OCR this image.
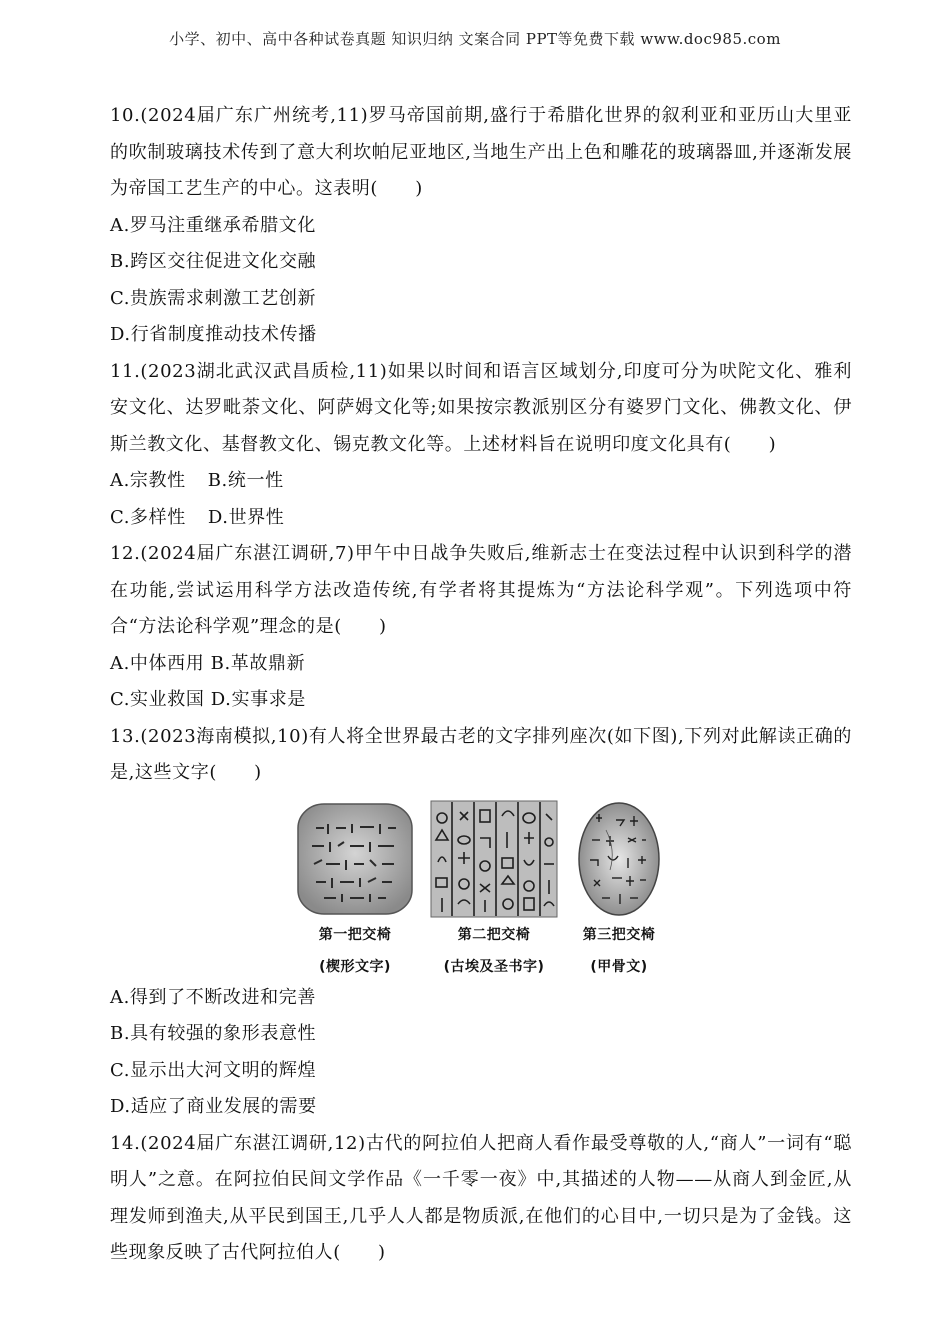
小学、初中、高中各种试卷真题 知识归纳 文案合同 PPT等免费下载 www.doc985.com

10.(2024届广东广州统考,11)罗马帝国前期,盛行于希腊化世界的叙利亚和亚历山大里亚的吹制玻璃技术传到了意大利坎帕尼亚地区,当地生产出上色和雕花的玻璃器皿,并逐渐发展为帝国工艺生产的中心。这表明(　　)

A.罗马注重继承希腊文化

B.跨区交往促进文化交融

C.贵族需求刺激工艺创新

D.行省制度推动技术传播

11.(2023湖北武汉武昌质检,11)如果以时间和语言区域划分,印度可分为吠陀文化、雅利安文化、达罗毗荼文化、阿萨姆文化等;如果按宗教派别区分有婆罗门文化、佛教文化、伊斯兰教文化、基督教文化、锡克教文化等。上述材料旨在说明印度文化具有(　　)

A.宗教性 B.统一性

C.多样性 D.世界性

12.(2024届广东湛江调研,7)甲午中日战争失败后,维新志士在变法过程中认识到科学的潜在功能,尝试运用科学方法改造传统,有学者将其提炼为“方法论科学观”。下列选项中符合“方法论科学观”理念的是(　　)

A.中体西用 B.革故鼎新

C.实业救国 D.实事求是

13.(2023海南模拟,10)有人将全世界最古老的文字排列座次(如下图),下列对此解读正确的是,这些文字(　　)

第一把交椅	第二把交椅	第三把交椅
(楔形文字)	(古埃及圣书字)	(甲骨文)

A.得到了不断改进和完善

B.具有较强的象形表意性

C.显示出大河文明的辉煌

D.适应了商业发展的需要

14.(2024届广东湛江调研,12)古代的阿拉伯人把商人看作最受尊敬的人,“商人”一词有“聪明人”之意。在阿拉伯民间文学作品《一千零一夜》中,其描述的人物——从商人到金匠,从理发师到渔夫,从平民到国王,几乎人人都是物质派,在他们的心目中,一切只是为了金钱。这些现象反映了古代阿拉伯人(　　)
